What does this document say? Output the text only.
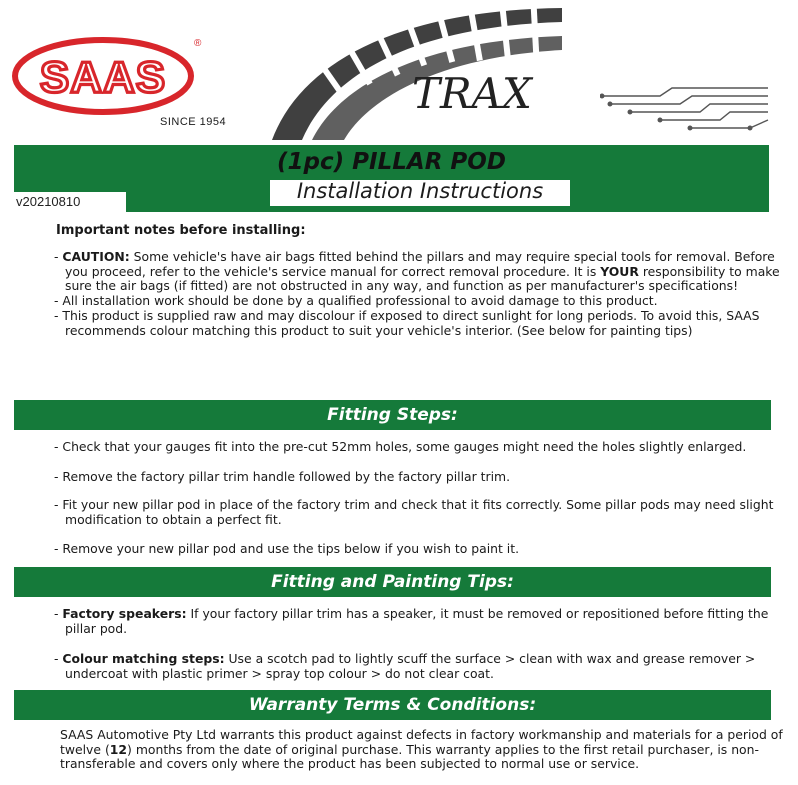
SAAS
®
SINCE 1954
TRAX
(1pc) PILLAR POD
Installation Instructions
v20210810
Important notes before installing:
- CAUTION: Some vehicle's have air bags fitted behind the pillars and may require special tools for removal. Before
you proceed, refer to the vehicle's service manual for correct removal procedure. It is YOUR responsibility to make
sure the air bags (if fitted) are not obstructed in any way, and function as per manufacturer's specifications!
- All installation work should be done by a qualified professional to avoid damage to this product.
- This product is supplied raw and may discolour if exposed to direct sunlight for long periods. To avoid this, SAAS
recommends colour matching this product to suit your vehicle's interior. (See below for painting tips)
Fitting Steps:
- Check that your gauges fit into the pre-cut 52mm holes, some gauges might need the holes slightly enlarged.
- Remove the factory pillar trim handle followed by the factory pillar trim.
- Fit your new pillar pod in place of the factory trim and check that it fits correctly. Some pillar pods may need slight
modification to obtain a perfect fit.
- Remove your new pillar pod and use the tips below if you wish to paint it.
Fitting and Painting Tips:
- Factory speakers: If your factory pillar trim has a speaker, it must be removed or repositioned before fitting the
pillar pod.
- Colour matching steps: Use a scotch pad to lightly scuff the surface > clean with wax and grease remover >
undercoat with plastic primer > spray top colour > do not clear coat.
Warranty Terms & Conditions:
SAAS Automotive Pty Ltd warrants this product against defects in factory workmanship and materials for a period of
twelve (12) months from the date of original purchase. This warranty applies to the first retail purchaser, is non-
transferable and covers only where the product has been subjected to normal use or service.
